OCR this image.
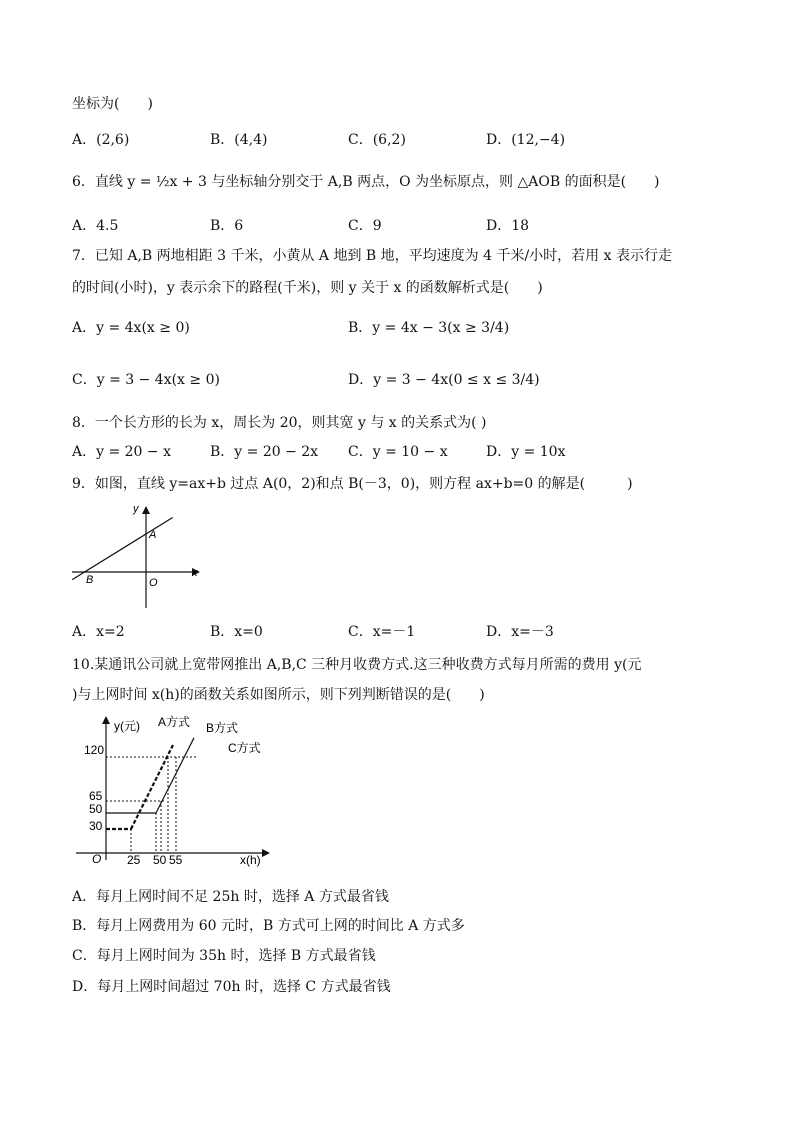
坐标为(　　)
A．(2,6)	B．(4,4)	C．(6,2)	D．(12,−4)
6．直线 y = ½x + 3 与坐标轴分别交于 A,B 两点，O 为坐标原点，则 △AOB 的面积是(　　)
A．4.5	B．6	C．9	D．18
7．已知 A,B 两地相距 3 千米，小黄从 A 地到 B 地，平均速度为 4 千米/小时，若用 x 表示行走
的时间(小时)，y 表示余下的路程(千米)，则 y 关于 x 的函数解析式是(　　)
A．y = 4x(x ≥ 0)	B．y = 4x − 3(x ≥ 3/4)
C．y = 3 − 4x(x ≥ 0)	D．y = 3 − 4x(0 ≤ x ≤ 3/4)
8．一个长方形的长为 x，周长为 20，则其宽 y 与 x 的关系式为( )
A．y = 20 − x	B．y = 20 − 2x C．y = 10 − x	D．y = 10x
9．如图，直线 y=ax+b 过点 A(0，2)和点 B(－3，0)，则方程 ax+b=0 的解是(　　　)
y
x
A
B	O
A．x=2	B．x=0	C．x=－1	D．x=－3
10.某通讯公司就上宽带网推出 A,B,C 三种月收费方式.这三种收费方式每月所需的费用 y(元
)与上网时间 x(h)的函数关系如图所示，则下列判断错误的是(　　)
y(元)
x(h)
O
A方式 B方式
C方式
120
65
50
30
25 50 55
A．每月上网时间不足 25h 时，选择 A 方式最省钱
B．每月上网费用为 60 元时，B 方式可上网的时间比 A 方式多
C．每月上网时间为 35h 时，选择 B 方式最省钱
D．每月上网时间超过 70h 时，选择 C 方式最省钱
